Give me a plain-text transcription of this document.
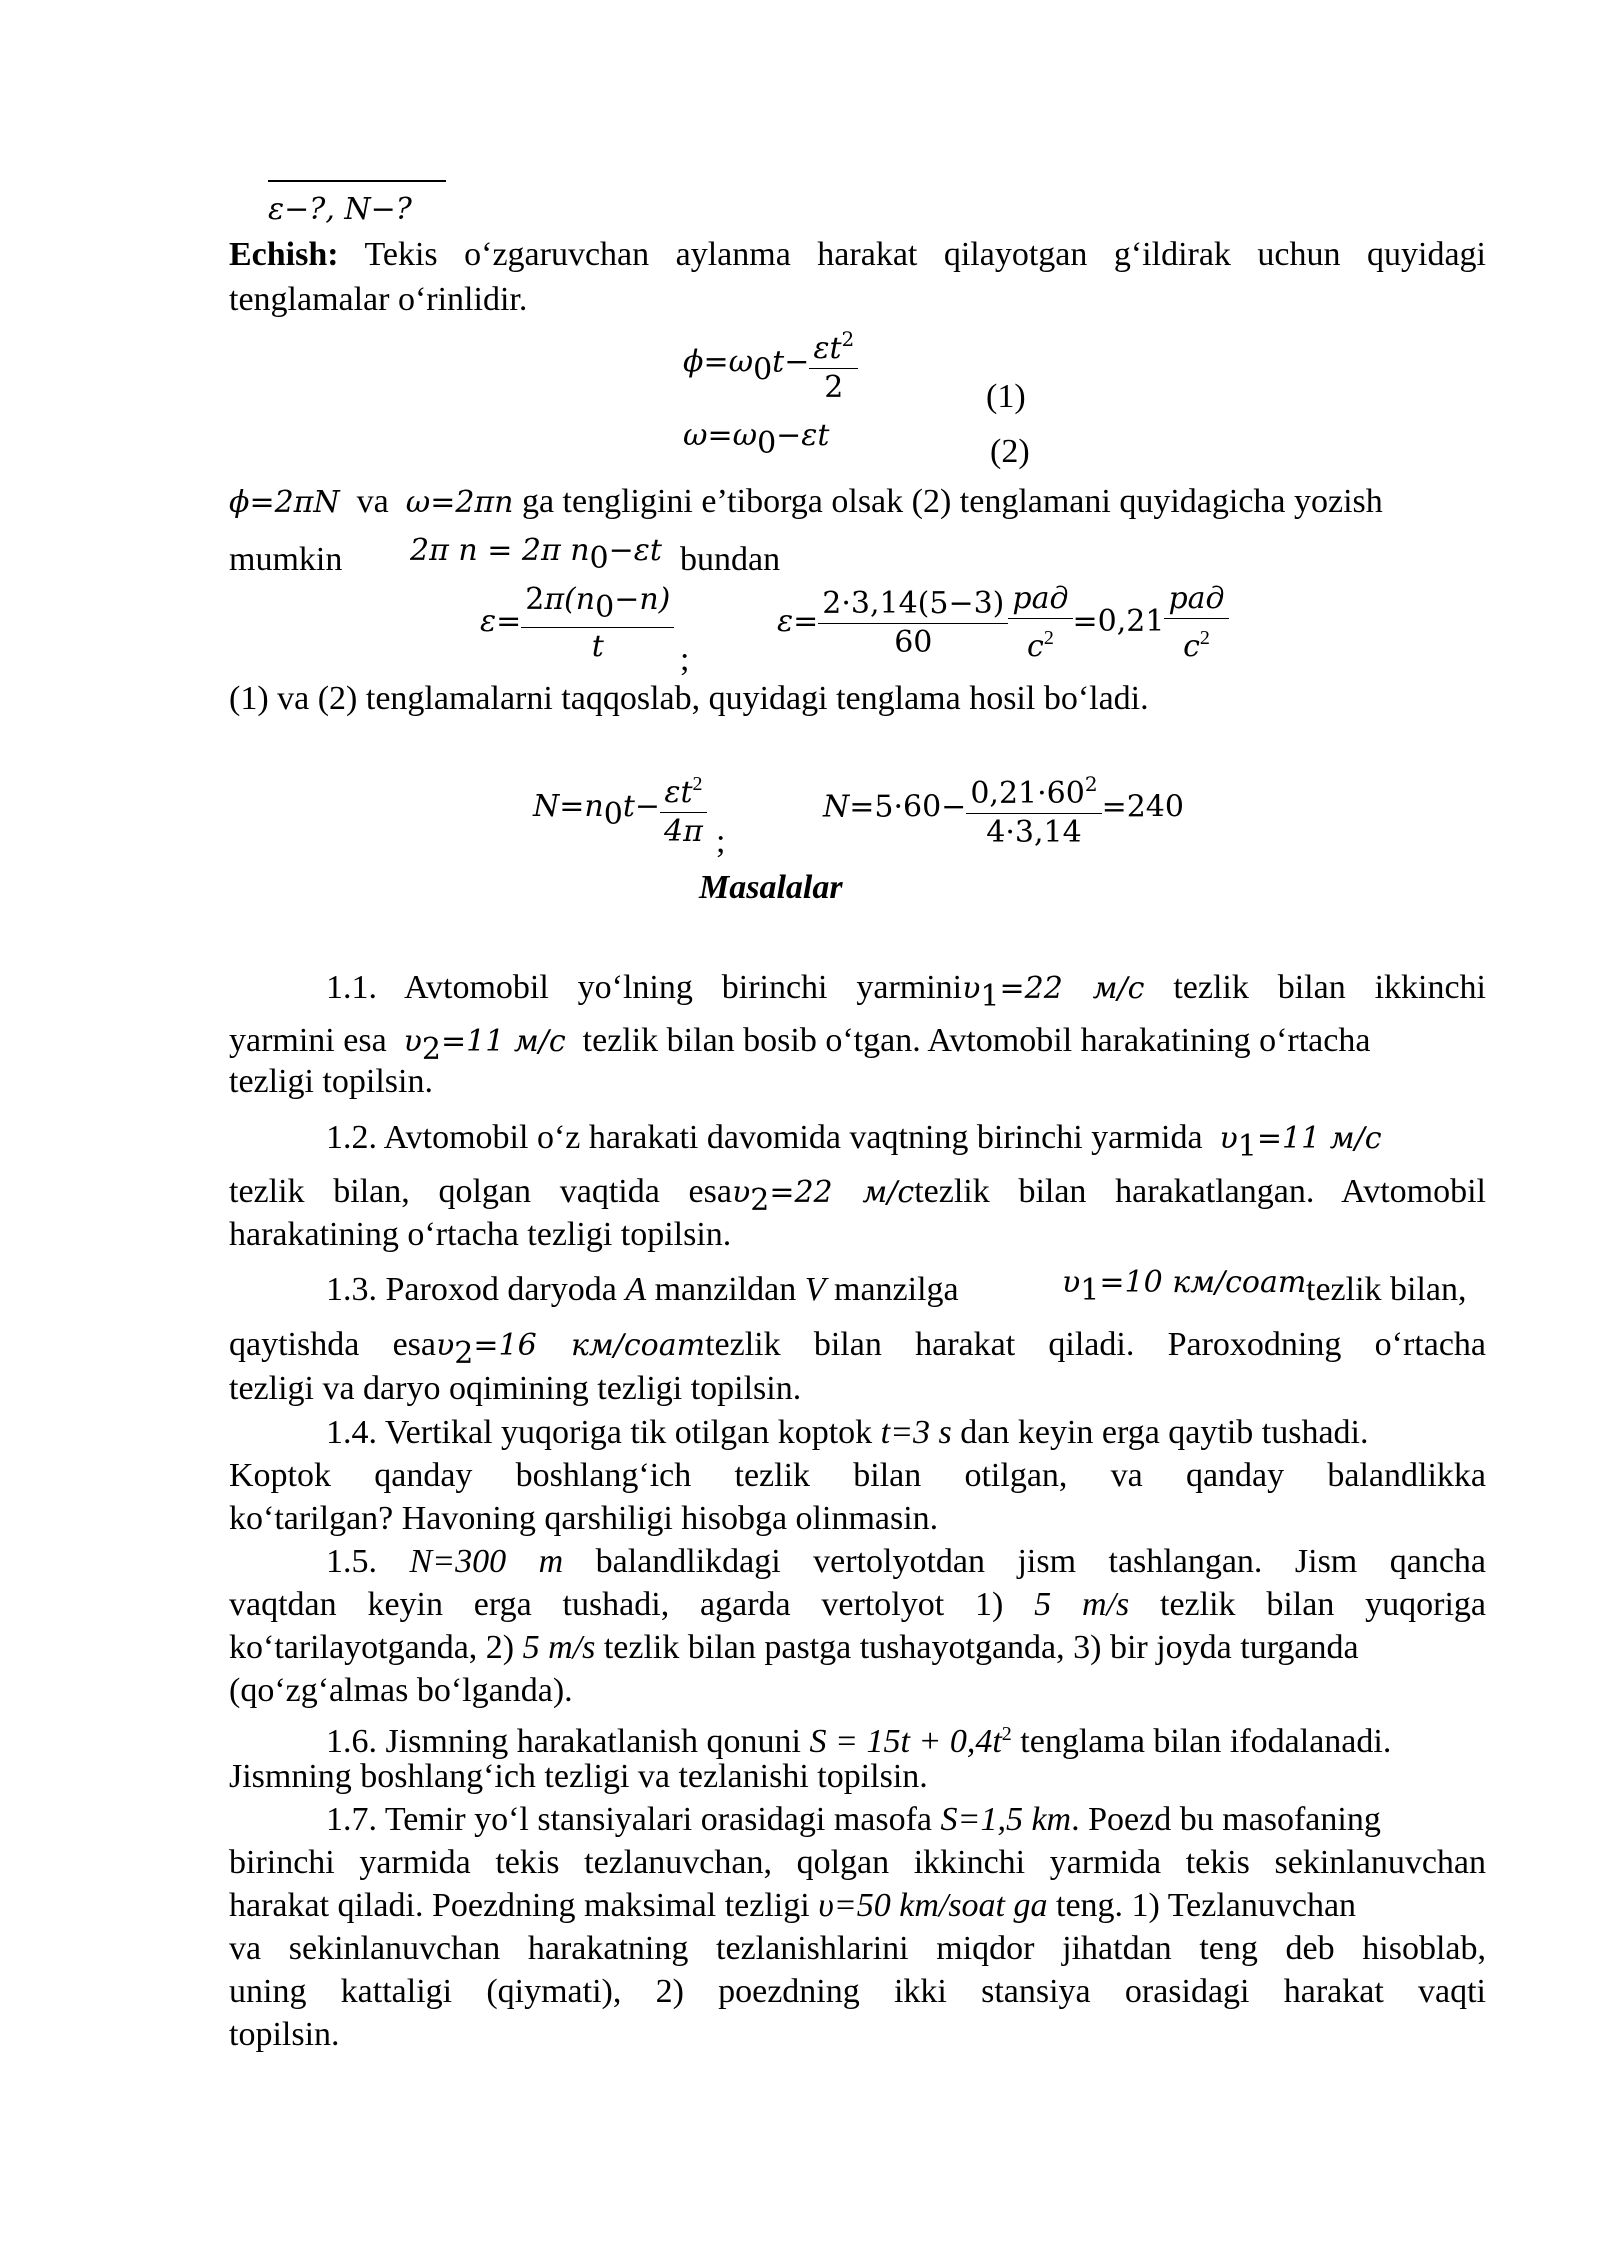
ε−?, N−?
Echish: Tekis o‘zgaruvchan aylanma harakat qilayotgan g‘ildirak uchun quyidagi
tenglamalar o‘rinlidir.
$\phi=\omega_0t- \frac{\varepsilon t^2}{2}$	(1)
$\omega=\omega_0-\varepsilon t$	(2)
ϕ=2πN va ω=2πn ga tengligini e’tiborga olsak (2) tenglamani quyidagicha yozish
mumkin 2π n = 2π $n_0-\varepsilon t$ bundan
$\varepsilon= \frac{2\pi(n_0-n)}{t}$ ;
$\varepsilon= \frac{2\cdot 3,14(5-3)}{60} \frac{\text{рад}}{с^2} =0,21 \frac{\text{рад}}{с^2}$
(1) va (2) tenglamalarni taqqoslab, quyidagi tenglama hosil bo‘ladi.
$N=n_0t- \frac{\varepsilon t^2}{4\pi}$ ;
$N=5\cdot 60- \frac{0,21\cdot 60^2}{4\cdot 3,14} =240$
Masalalar
1.1. Avtomobil yo‘lning birinchi yarminiυ$_1$=22 м/с tezlik bilan ikkinchi
yarmini esa $\upsilon_2=11$ м/с tezlik bilan bosib o‘tgan. Avtomobil harakatining o‘rtacha
tezligi topilsin.
1.2. Avtomobil o‘z harakati davomida vaqtning birinchi yarmida $\upsilon_1=11$ м/с
tezlik bilan, qolgan vaqtida esaυ$_2$=22 м/сtezlik bilan harakatlangan. Avtomobil
harakatining o‘rtacha tezligi topilsin.
1.3. Paroxod daryoda A manzildan V manzilga	$\upsilon_1=10$ км/соат tezlik bilan,
qaytishda esaυ$_2$=16 км/соатtezlik bilan harakat qiladi. Paroxodning o‘rtacha
tezligi va daryo oqimining tezligi topilsin.
1.4. Vertikal yuqoriga tik otilgan koptok t=3 s dan keyin erga qaytib tushadi.
Koptok qanday boshlang‘ich tezlik bilan otilgan, va qanday balandlikka
ko‘tarilgan? Havoning qarshiligi hisobga olinmasin.
1.5. N=300 m balandlikdagi vertolyotdan jism tashlangan. Jism qancha
vaqtdan keyin erga tushadi, agarda vertolyot 1) 5 m/s tezlik bilan yuqoriga
ko‘tarilayotganda, 2) 5 m/s tezlik bilan pastga tushayotganda, 3) bir joyda turganda
(qo‘zg‘almas bo‘lganda).
1.6. Jismning harakatlanish qonuni $S = 15t + 0,4t^2$ tenglama bilan ifodalanadi.
Jismning boshlang‘ich tezligi va tezlanishi topilsin.
1.7. Temir yo‘l stansiyalari orasidagi masofa S=1,5 km. Poezd bu masofaning
birinchi yarmida tekis tezlanuvchan, qolgan ikkinchi yarmida tekis sekinlanuvchan
harakat qiladi. Poezdning maksimal tezligi υ=50 km/soat ga teng. 1) Tezlanuvchan
va sekinlanuvchan harakatning tezlanishlarini miqdor jihatdan teng deb hisoblab,
uning kattaligi (qiymati), 2) poezdning ikki stansiya orasidagi harakat vaqti
topilsin.
